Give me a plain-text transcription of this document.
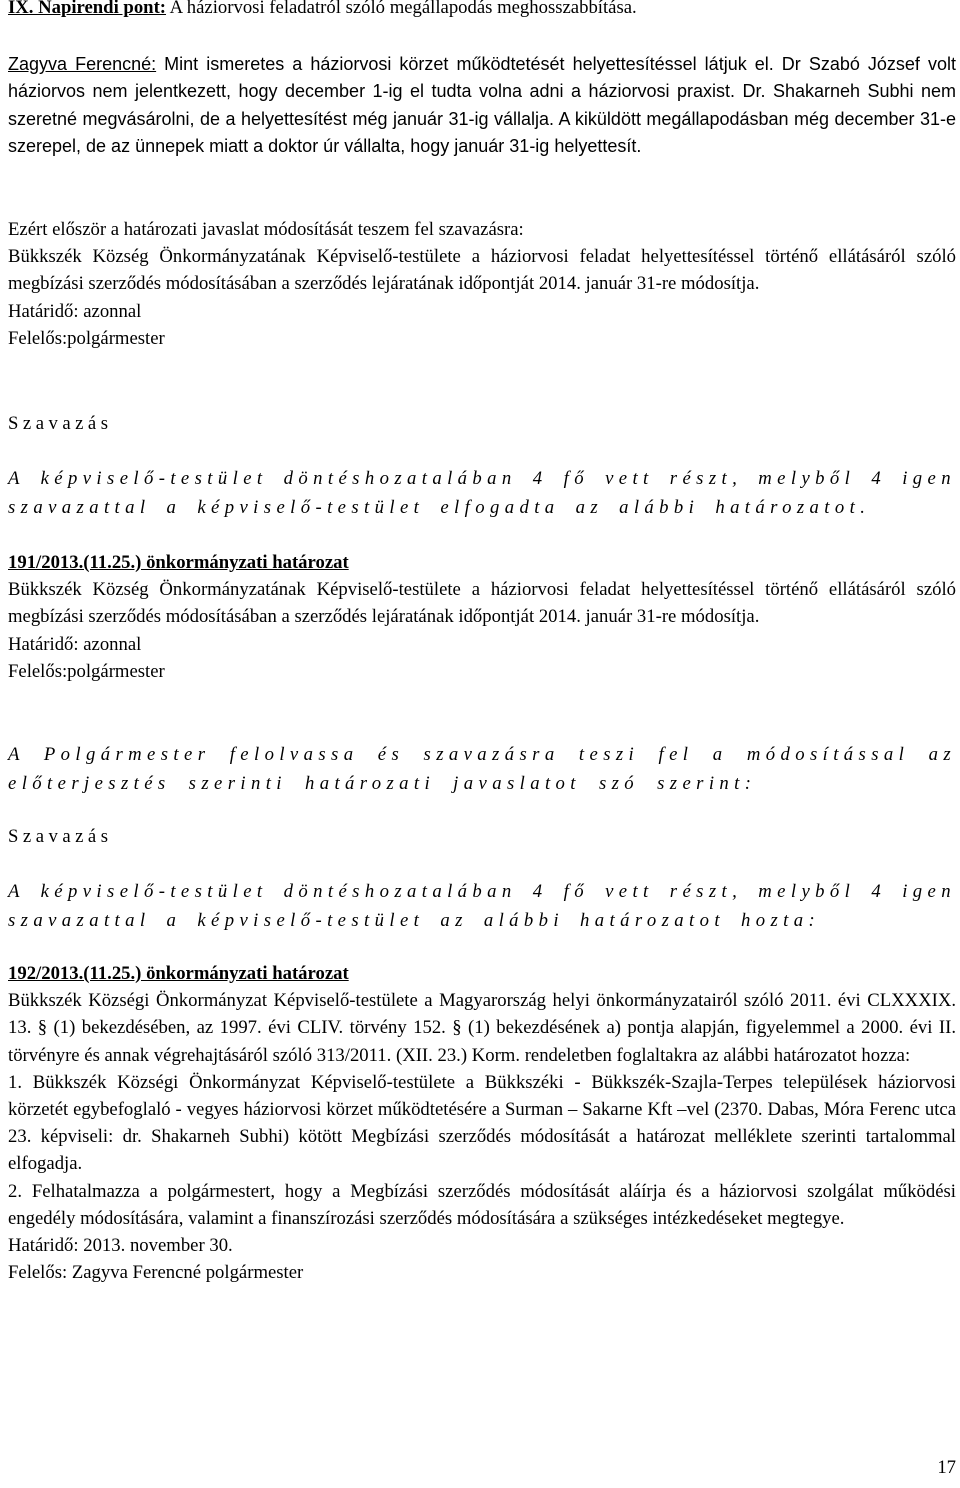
IX. Napirendi pont: A háziorvosi feladatról szóló megállapodás meghosszabbítása.

Zagyva Ferencné: Mint ismeretes a háziorvosi körzet működtetését helyettesítéssel látjuk el. Dr Szabó József volt háziorvos nem jelentkezett, hogy december 1-ig el tudta volna adni a háziorvosi praxist. Dr. Shakarneh Subhi nem szeretné megvásárolni, de a helyettesítést még január 31-ig vállalja. A kiküldött megállapodásban még december 31-e szerepel, de az ünnepek miatt a doktor úr vállalta, hogy január 31-ig helyettesít.

Ezért először a határozati javaslat módosítását teszem fel szavazásra:

Bükkszék Község Önkormányzatának Képviselő-testülete a háziorvosi feladat helyettesítéssel történő ellátásáról szóló megbízási szerződés módosításában a szerződés lejáratának időpontját 2014. január 31-re módosítja.

Határidő: azonnal

Felelős:polgármester

Szavazás

A képviselő-testület döntéshozatalában 4 fő vett részt, melyből 4 igen szavazattal a képviselő-testület elfogadta az alábbi határozatot.

191/2013.(11.25.) önkormányzati határozat

Bükkszék Község Önkormányzatának Képviselő-testülete a háziorvosi feladat helyettesítéssel történő ellátásáról szóló megbízási szerződés módosításában a szerződés lejáratának időpontját 2014. január 31-re módosítja.

Határidő: azonnal

Felelős:polgármester

A Polgármester felolvassa és szavazásra teszi fel a módosítással az előterjesztés szerinti határozati javaslatot szó szerint:

Szavazás

A képviselő-testület döntéshozatalában 4 fő vett részt, melyből 4 igen szavazattal a képviselő-testület az alábbi határozatot hozta:

192/2013.(11.25.) önkormányzati határozat

Bükkszék Községi Önkormányzat Képviselő-testülete a Magyarország helyi önkormányzatairól szóló 2011. évi CLXXXIX. 13. § (1) bekezdésében, az 1997. évi CLIV. törvény 152. § (1) bekezdésének a) pontja alapján, figyelemmel a 2000. évi II. törvényre és annak végrehajtásáról szóló 313/2011. (XII. 23.) Korm. rendeletben foglaltakra az alábbi határozatot hozza:

1. Bükkszék Községi Önkormányzat Képviselő-testülete a Bükkszéki - Bükkszék-Szajla-Terpes települések háziorvosi körzetét egybefoglaló - vegyes háziorvosi körzet működtetésére a Surman – Sakarne Kft –vel (2370. Dabas, Móra Ferenc utca 23. képviseli: dr. Shakarneh Subhi) kötött Megbízási szerződés módosítását a határozat melléklete szerinti tartalommal elfogadja.

2. Felhatalmazza a polgármestert, hogy a Megbízási szerződés módosítását aláírja és a háziorvosi szolgálat működési engedély módosítására, valamint a finanszírozási szerződés módosítására a szükséges intézkedéseket megtegye.

Határidő: 2013. november 30.

Felelős: Zagyva Ferencné polgármester

17
